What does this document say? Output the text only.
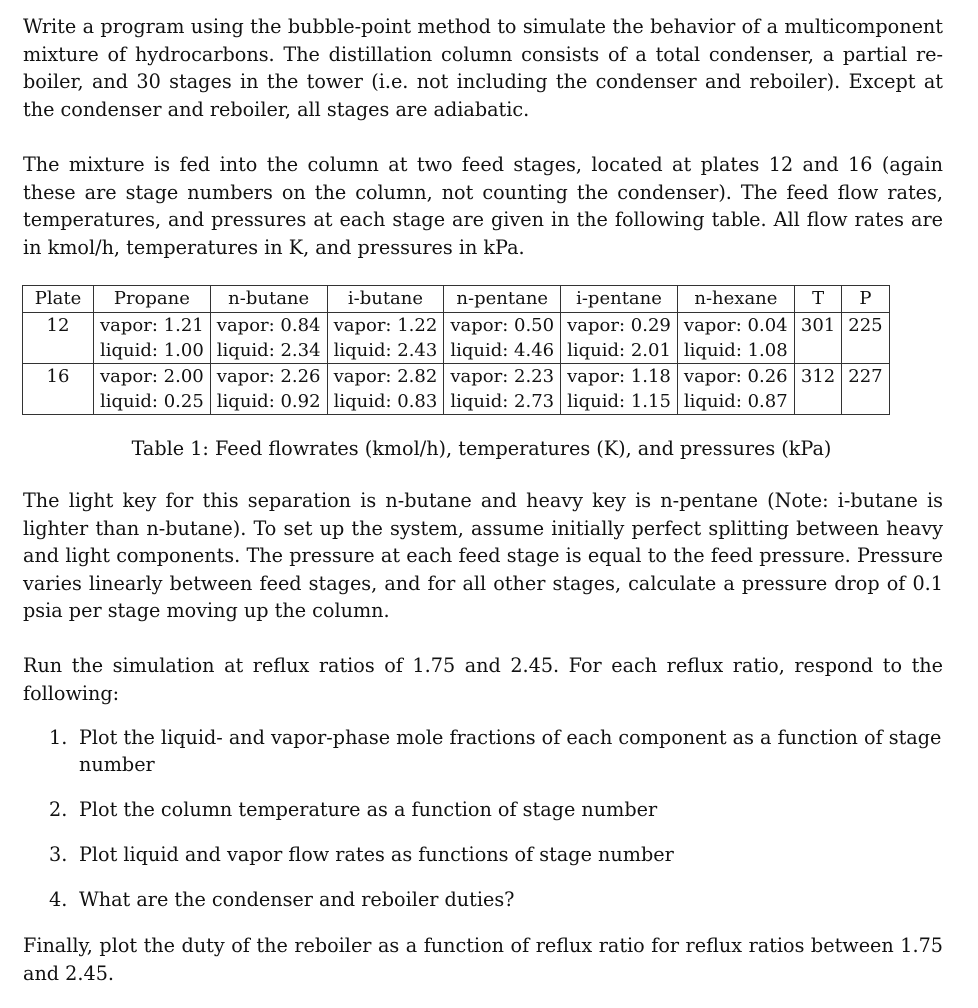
Write a program using the bubble-point method to simulate the behavior of a multicomponent mixture of hydrocarbons. The distillation column consists of a total condenser, a partial re-boiler, and 30 stages in the tower (i.e. not including the condenser and reboiler). Except at the condenser and reboiler, all stages are adiabatic.

The mixture is fed into the column at two feed stages, located at plates 12 and 16 (again these are stage numbers on the column, not counting the condenser). The feed flow rates, temperatures, and pressures at each stage are given in the following table. All flow rates are in kmol/h, temperatures in K, and pressures in kPa.

Plate	Propane	n-butane	i-butane	n-pentane	i-pentane	n-hexane	T	P
12	vapor: 1.21
liquid: 1.00	vapor: 0.84
liquid: 2.34	vapor: 1.22
liquid: 2.43	vapor: 0.50
liquid: 4.46	vapor: 0.29
liquid: 2.01	vapor: 0.04
liquid: 1.08	301	225
16	vapor: 2.00
liquid: 0.25	vapor: 2.26
liquid: 0.92	vapor: 2.82
liquid: 0.83	vapor: 2.23
liquid: 2.73	vapor: 1.18
liquid: 1.15	vapor: 0.26
liquid: 0.87	312	227
Table 1: Feed flowrates (kmol/h), temperatures (K), and pressures (kPa)

The light key for this separation is n-butane and heavy key is n-pentane (Note: i-butane is lighter than n-butane). To set up the system, assume initially perfect splitting between heavy and light components. The pressure at each feed stage is equal to the feed pressure. Pressure varies linearly between feed stages, and for all other stages, calculate a pressure drop of 0.1 psia per stage moving up the column.

Run the simulation at reflux ratios of 1.75 and 2.45. For each reflux ratio, respond to the following:

1. Plot the liquid- and vapor-phase mole fractions of each component as a function of stage number
2. Plot the column temperature as a function of stage number
3. Plot liquid and vapor flow rates as functions of stage number
4. What are the condenser and reboiler duties?

Finally, plot the duty of the reboiler as a function of reflux ratio for reflux ratios between 1.75 and 2.45.
